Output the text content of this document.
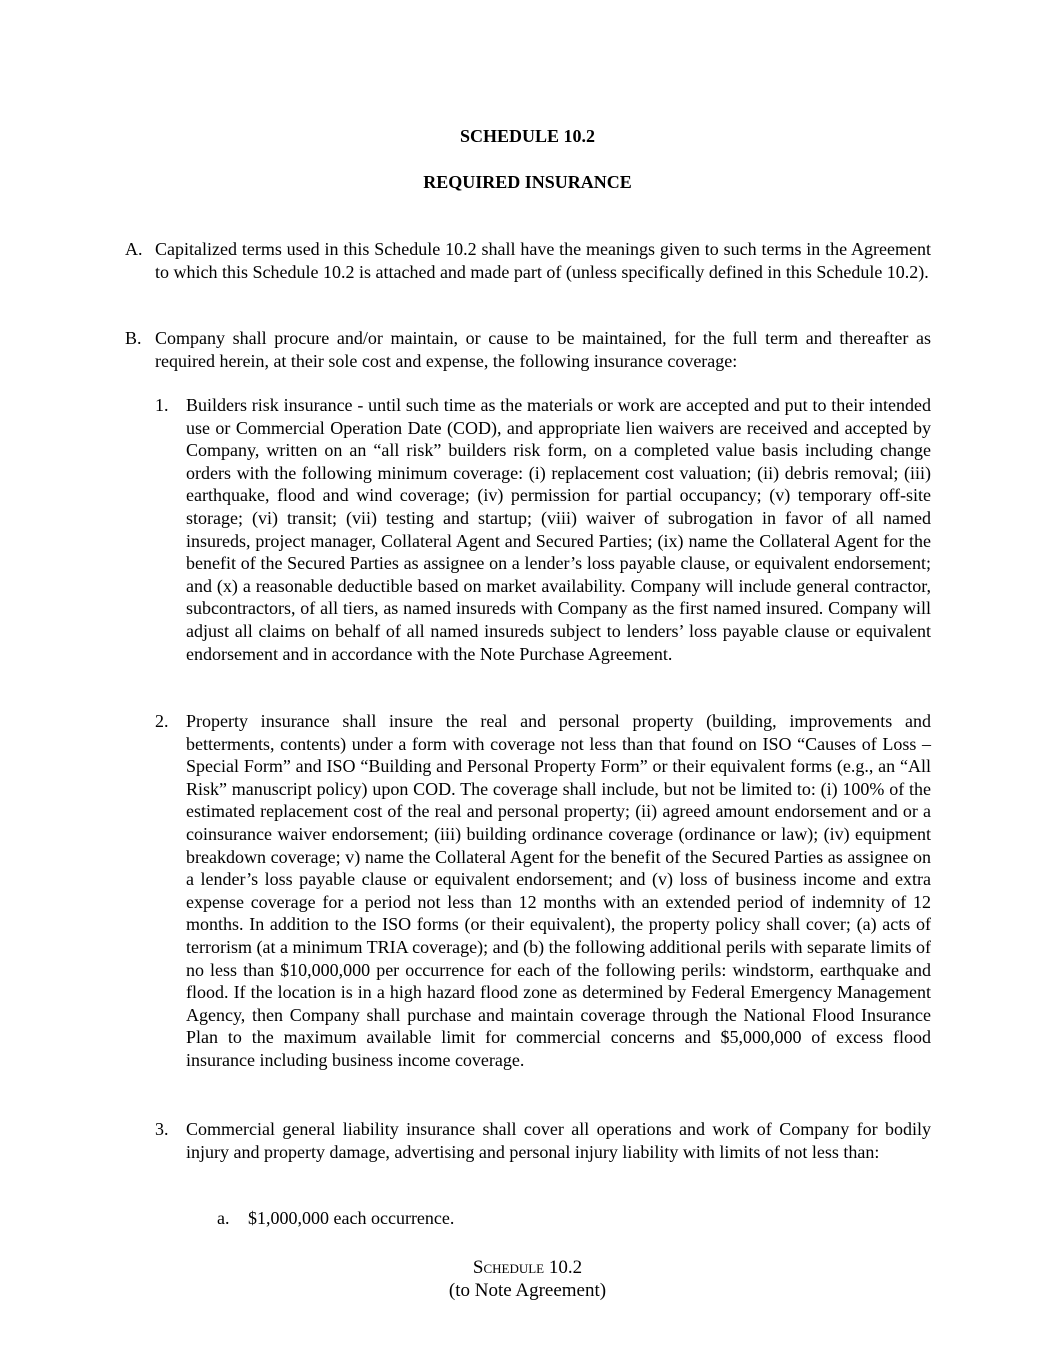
SCHEDULE 10.2
REQUIRED INSURANCE
A. Capitalized terms used in this Schedule 10.2 shall have the meanings given to such terms in the Agreement to which this Schedule 10.2 is attached and made part of (unless specifically defined in this Schedule 10.2).
B. Company shall procure and/or maintain, or cause to be maintained, for the full term and thereafter as required herein, at their sole cost and expense, the following insurance coverage:
1. Builders risk insurance - until such time as the materials or work are accepted and put to their intended use or Commercial Operation Date (COD), and appropriate lien waivers are received and accepted by Company, written on an “all risk” builders risk form, on a completed value basis including change orders with the following minimum coverage: (i) replacement cost valuation; (ii) debris removal; (iii) earthquake, flood and wind coverage; (iv) permission for partial occupancy; (v) temporary off-site storage; (vi) transit; (vii) testing and startup; (viii) waiver of subrogation in favor of all named insureds, project manager, Collateral Agent and Secured Parties; (ix) name the Collateral Agent for the benefit of the Secured Parties as assignee on a lender’s loss payable clause, or equivalent endorsement; and (x) a reasonable deductible based on market availability. Company will include general contractor, subcontractors, of all tiers, as named insureds with Company as the first named insured. Company will adjust all claims on behalf of all named insureds subject to lenders’ loss payable clause or equivalent endorsement and in accordance with the Note Purchase Agreement.
2. Property insurance shall insure the real and personal property (building, improvements and betterments, contents) under a form with coverage not less than that found on ISO “Causes of Loss – Special Form” and ISO “Building and Personal Property Form” or their equivalent forms (e.g., an “All Risk” manuscript policy) upon COD. The coverage shall include, but not be limited to: (i) 100% of the estimated replacement cost of the real and personal property; (ii) agreed amount endorsement and or a coinsurance waiver endorsement; (iii) building ordinance coverage (ordinance or law); (iv) equipment breakdown coverage; v) name the Collateral Agent for the benefit of the Secured Parties as assignee on a lender’s loss payable clause or equivalent endorsement; and (v) loss of business income and extra expense coverage for a period not less than 12 months with an extended period of indemnity of 12 months. In addition to the ISO forms (or their equivalent), the property policy shall cover; (a) acts of terrorism (at a minimum TRIA coverage); and (b) the following additional perils with separate limits of no less than $10,000,000 per occurrence for each of the following perils: windstorm, earthquake and flood. If the location is in a high hazard flood zone as determined by Federal Emergency Management Agency, then Company shall purchase and maintain coverage through the National Flood Insurance Plan to the maximum available limit for commercial concerns and $5,000,000 of excess flood insurance including business income coverage.
3. Commercial general liability insurance shall cover all operations and work of Company for bodily injury and property damage, advertising and personal injury liability with limits of not less than:
a. $1,000,000 each occurrence.
Schedule 10.2
(to Note Agreement)
